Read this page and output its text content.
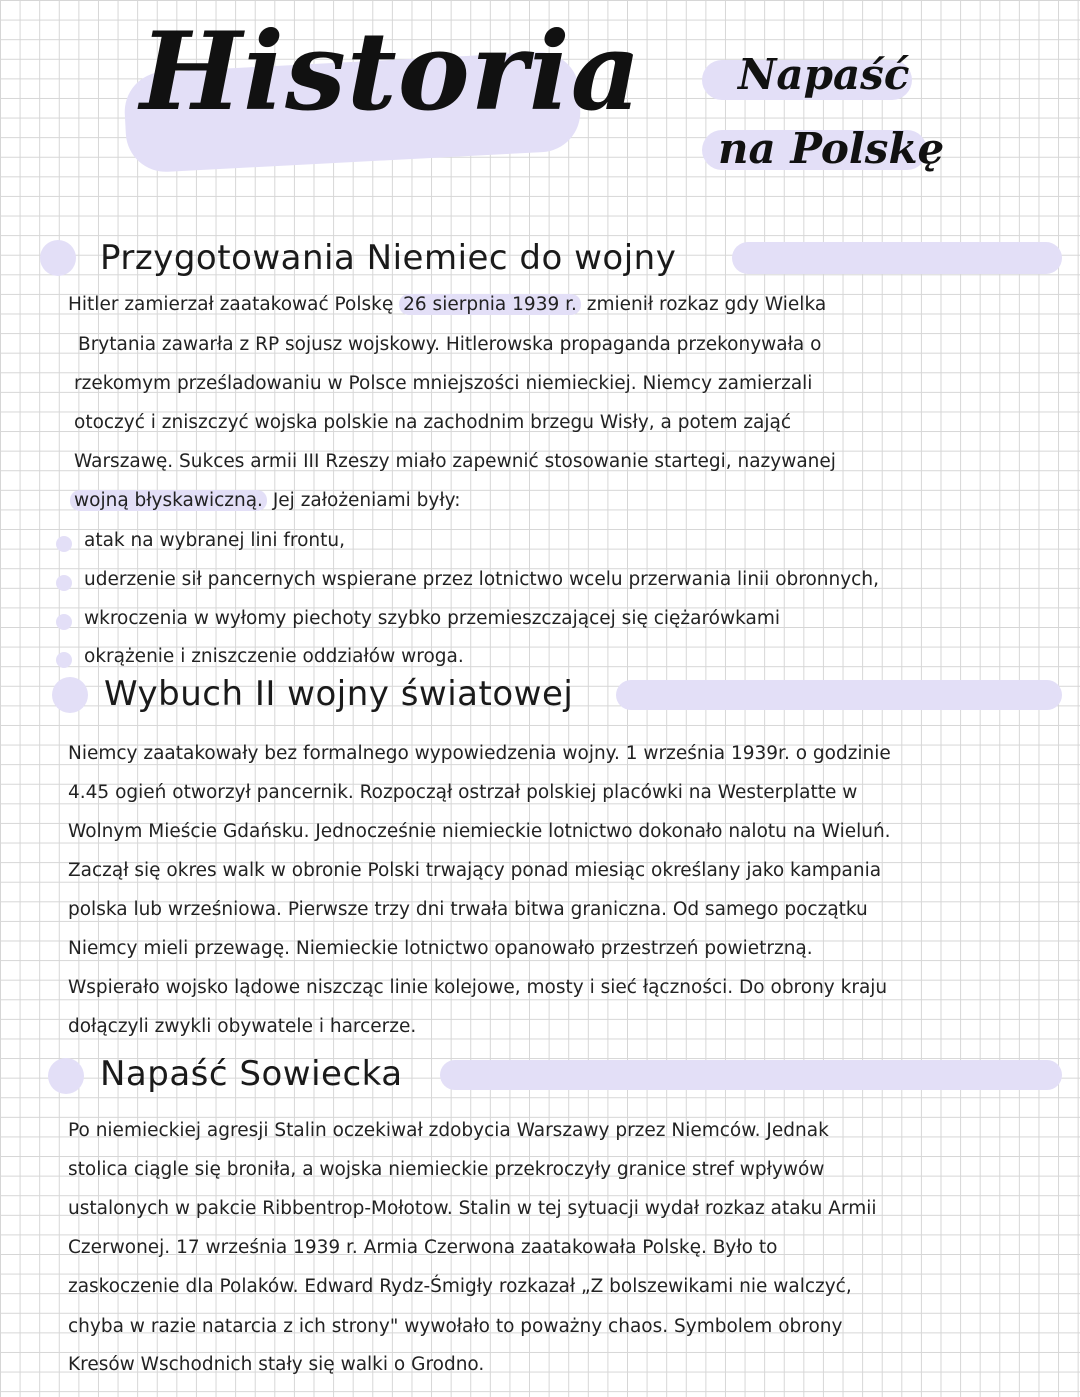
Historia Napaść
na Polskę
Przygotowania Niemiec do wojny
Hitler zamierzał zaatakować Polskę 26 sierpnia 1939 r. zmienił rozkaz gdy Wielka
Brytania zawarła z RP sojusz wojskowy. Hitlerowska propaganda przekonywała o
rzekomym prześladowaniu w Polsce mniejszości niemieckiej. Niemcy zamierzali
otoczyć i zniszczyć wojska polskie na zachodnim brzegu Wisły, a potem zająć
Warszawę. Sukces armii III Rzeszy miało zapewnić stosowanie startegi, nazywanej
wojną błyskawiczną. Jej założeniami były:
atak na wybranej lini frontu,
uderzenie sił pancernych wspierane przez lotnictwo wcelu przerwania linii obronnych,
wkroczenia w wyłomy piechoty szybko przemieszczającej się ciężarówkami
okrążenie i zniszczenie oddziałów wroga.
Wybuch II wojny światowej
Niemcy zaatakowały bez formalnego wypowiedzenia wojny. 1 września 1939r. o godzinie
4.45 ogień otworzył pancernik. Rozpoczął ostrzał polskiej placówki na Westerplatte w
Wolnym Mieście Gdańsku. Jednocześnie niemieckie lotnictwo dokonało nalotu na Wieluń.
Zaczął się okres walk w obronie Polski trwający ponad miesiąc określany jako kampania
polska lub wrześniowa. Pierwsze trzy dni trwała bitwa graniczna. Od samego początku
Niemcy mieli przewagę. Niemieckie lotnictwo opanowało przestrzeń powietrzną.
Wspierało wojsko lądowe niszcząc linie kolejowe, mosty i sieć łączności. Do obrony kraju
dołączyli zwykli obywatele i harcerze.
Napaść Sowiecka
Po niemieckiej agresji Stalin oczekiwał zdobycia Warszawy przez Niemców. Jednak
stolica ciągle się broniła, a wojska niemieckie przekroczyły granice stref wpływów
ustalonych w pakcie Ribbentrop-Mołotow. Stalin w tej sytuacji wydał rozkaz ataku Armii
Czerwonej. 17 września 1939 r. Armia Czerwona zaatakowała Polskę. Było to
zaskoczenie dla Polaków. Edward Rydz-Śmigły rozkazał „Z bolszewikami nie walczyć,
chyba w razie natarcia z ich strony" wywołało to poważny chaos. Symbolem obrony
Kresów Wschodnich stały się walki o Grodno.
